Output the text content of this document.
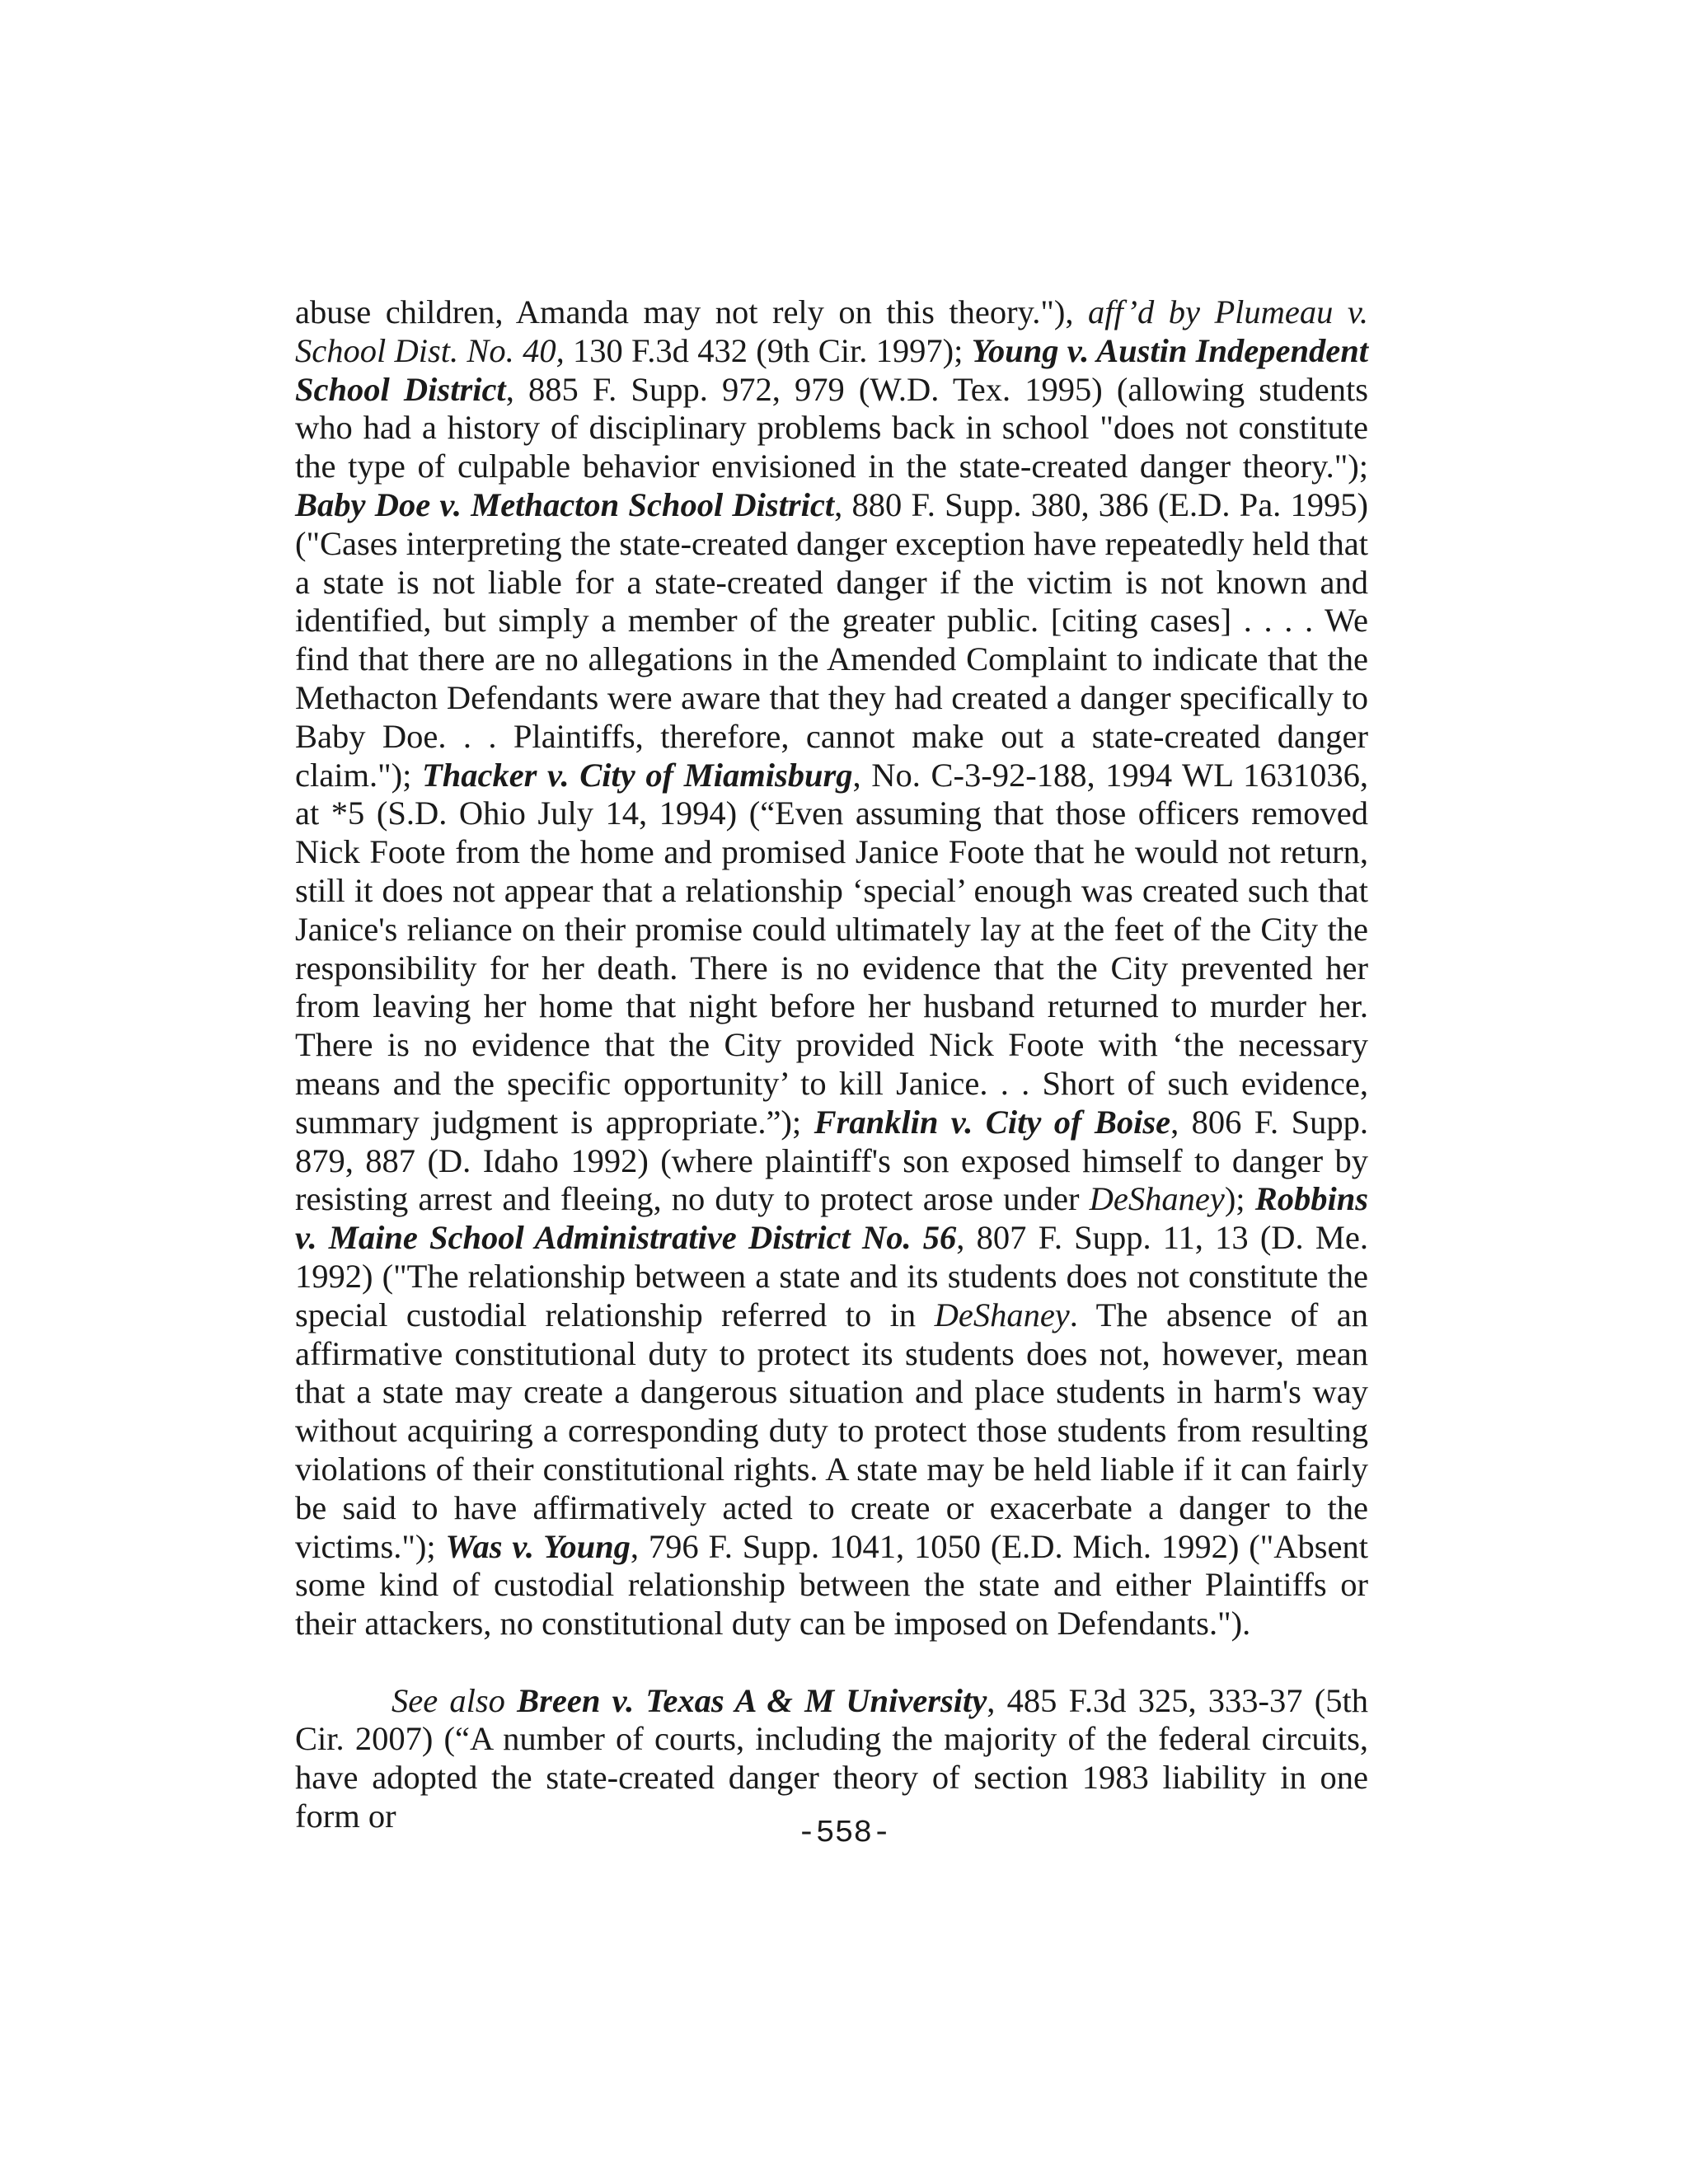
abuse children, Amanda may not rely on this theory."), aff’d by Plumeau v. School Dist. No. 40, 130 F.3d 432 (9th Cir. 1997); Young v. Austin Independent School District, 885 F. Supp. 972, 979 (W.D. Tex. 1995) (allowing students who had a history of disciplinary problems back in school "does not constitute the type of culpable behavior envisioned in the state-created danger theory."); Baby Doe v. Methacton School District, 880 F. Supp. 380, 386 (E.D. Pa. 1995) ("Cases interpreting the state-created danger exception have repeatedly held that a state is not liable for a state-created danger if the victim is not known and identified, but simply a member of the greater public. [citing cases] . . . . We find that there are no allegations in the Amended Complaint to indicate that the Methacton Defendants were aware that they had created a danger specifically to Baby Doe. . . Plaintiffs, therefore, cannot make out a state-created danger claim."); Thacker v. City of Miamisburg, No. C-3-92-188, 1994 WL 1631036, at *5 (S.D. Ohio July 14, 1994) (“Even assuming that those officers removed Nick Foote from the home and promised Janice Foote that he would not return, still it does not appear that a relationship ‘special’ enough was created such that Janice's reliance on their promise could ultimately lay at the feet of the City the responsibility for her death. There is no evidence that the City prevented her from leaving her home that night before her husband returned to murder her. There is no evidence that the City provided Nick Foote with ‘the necessary means and the specific opportunity’ to kill Janice. . . Short of such evidence, summary judgment is appropriate.”); Franklin v. City of Boise, 806 F. Supp. 879, 887 (D. Idaho 1992) (where plaintiff's son exposed himself to danger by resisting arrest and fleeing, no duty to protect arose under DeShaney); Robbins v. Maine School Administrative District No. 56, 807 F. Supp. 11, 13 (D. Me. 1992) ("The relationship between a state and its students does not constitute the special custodial relationship referred to in DeShaney. The absence of an affirmative constitutional duty to protect its students does not, however, mean that a state may create a dangerous situation and place students in harm's way without acquiring a corresponding duty to protect those students from resulting violations of their constitutional rights. A state may be held liable if it can fairly be said to have affirmatively acted to create or exacerbate a danger to the victims."); Was v. Young, 796 F. Supp. 1041, 1050 (E.D. Mich. 1992) ("Absent some kind of custodial relationship between the state and either Plaintiffs or their attackers, no constitutional duty can be imposed on Defendants.").

See also Breen v. Texas A & M University, 485 F.3d 325, 333-37 (5th Cir. 2007) (“A number of courts, including the majority of the federal circuits, have adopted the state-created danger theory of section 1983 liability in one form or	-558-
